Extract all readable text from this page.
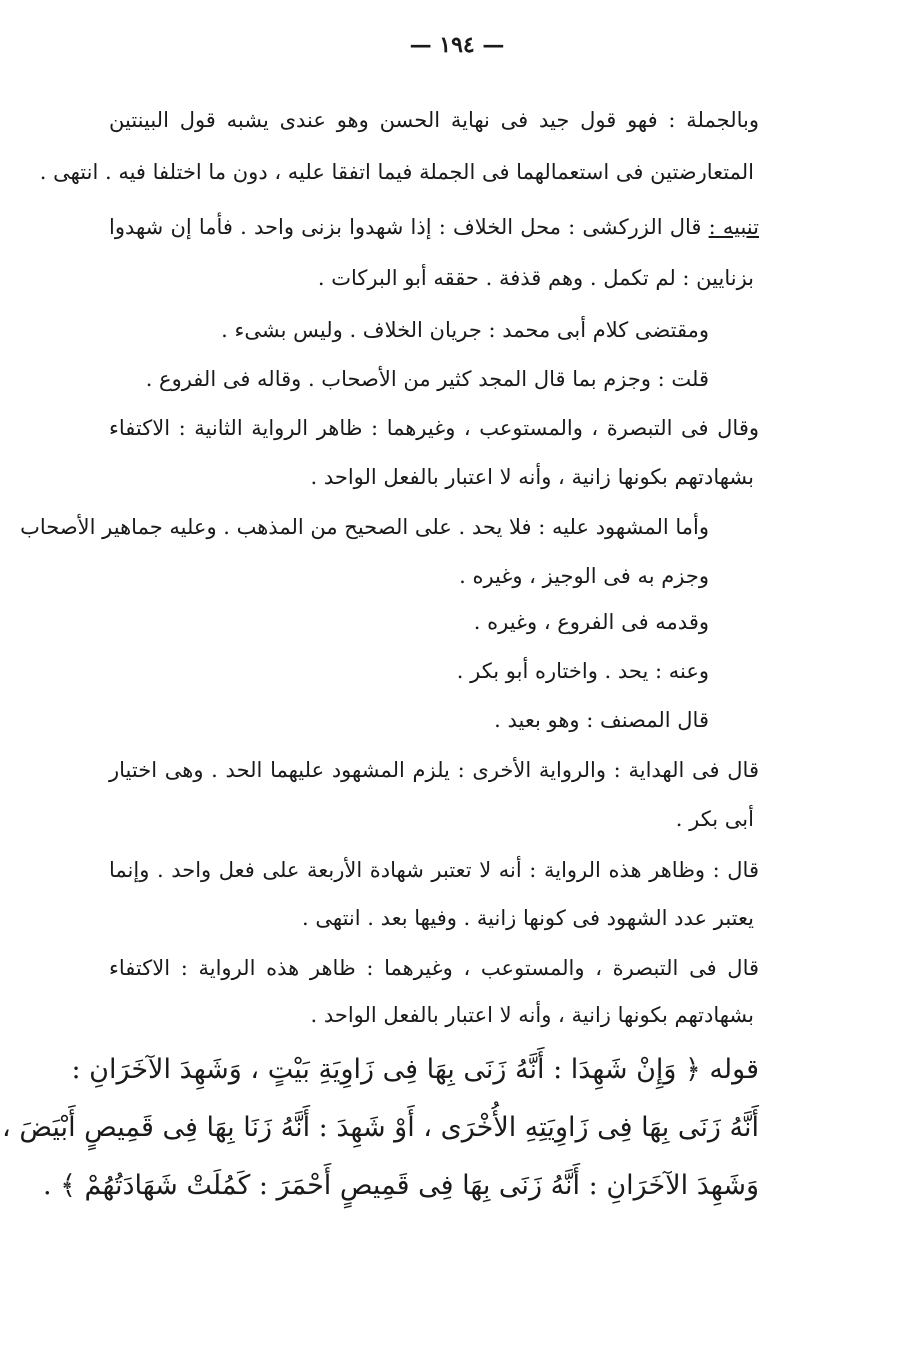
— ١٩٤ —
وبالجملة : فهو قول جيد فى نهاية الحسن وهو عندى يشبه قول البينتين
المتعارضتين فى استعمالهما فى الجملة فيما اتفقا عليه ، دون ما اختلفا فيه . انتهى .
تنبيه : قال الزركشى : محل الخلاف : إذا شهدوا بزنى واحد . فأما إن شهدوا
بزنايين : لم تكمل . وهم قذفة . حققه أبو البركات .
ومقتضى كلام أبى محمد : جريان الخلاف . وليس بشىء .
قلت : وجزم بما قال المجد كثير من الأصحاب . وقاله فى الفروع .
وقال فى التبصرة ، والمستوعب ، وغيرهما : ظاهر الرواية الثانية : الاكتفاء
بشهادتهم بكونها زانية ، وأنه لا اعتبار بالفعل الواحد .
وأما المشهود عليه : فلا يحد . على الصحيح من المذهب . وعليه جماهير الأصحاب
وجزم به فى الوجيز ، وغيره .
وقدمه فى الفروع ، وغيره .
وعنه : يحد . واختاره أبو بكر .
قال المصنف : وهو بعيد .
قال فى الهداية : والرواية الأخرى : يلزم المشهود عليهما الحد . وهى اختيار
أبى بكر .
قال : وظاهر هذه الرواية : أنه لا تعتبر شهادة الأربعة على فعل واحد . وإنما
يعتبر عدد الشهود فى كونها زانية . وفيها بعد . انتهى .
قال فى التبصرة ، والمستوعب ، وغيرهما : ظاهر هذه الرواية : الاكتفاء
بشهادتهم بكونها زانية ، وأنه لا اعتبار بالفعل الواحد .
قوله ﴿ وَإِنْ شَهِدَا : أَنَّهُ زَنَى بِهَا فِى زَاوِيَةِ بَيْتٍ ، وَشَهِدَ الآخَرَانِ :
أَنَّهُ زَنَى بِهَا فِى زَاوِيَتِهِ الأُخْرَى ، أَوْ شَهِدَ : أَنَّهُ زَنَا بِهَا فِى قَمِيصٍ أَبْيَضَ ،
وَشَهِدَ الآخَرَانِ : أَنَّهُ زَنَى بِهَا فِى قَمِيصٍ أَحْمَرَ : كَمُلَتْ شَهَادَتُهُمْ ﴾ .
